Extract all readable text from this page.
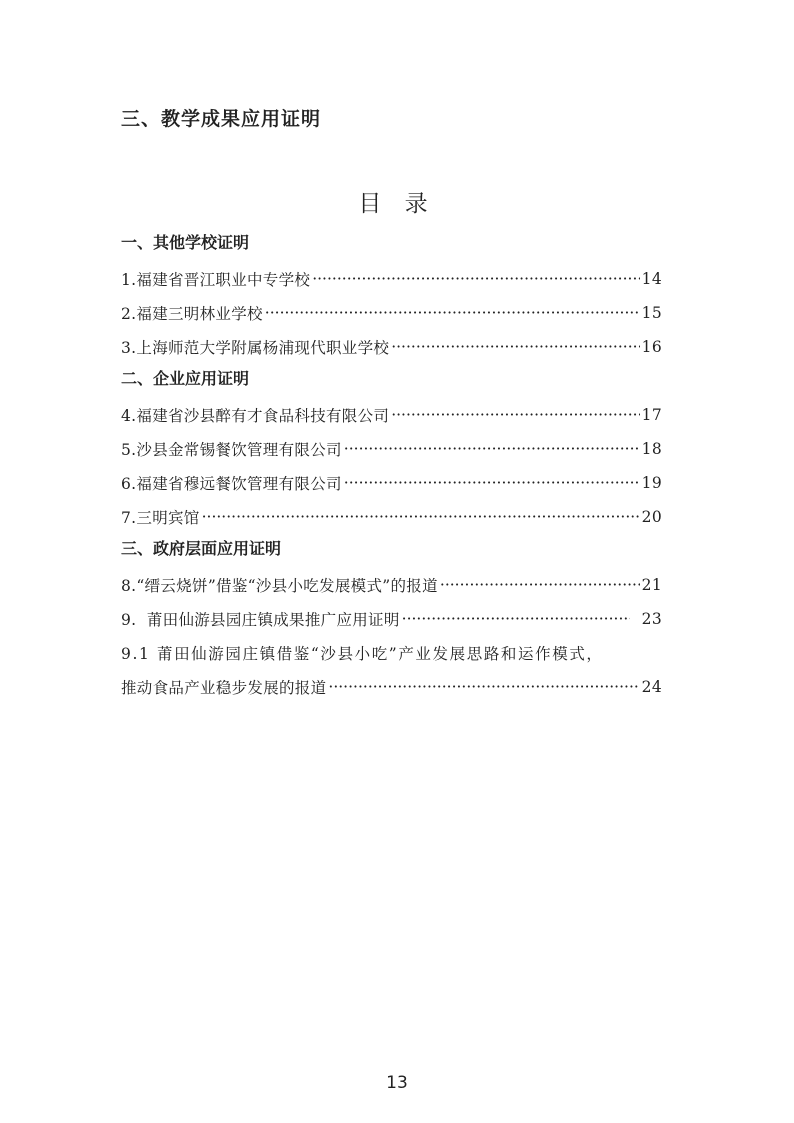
三、教学成果应用证明
目 录
一、其他学校证明
1.福建省晋江职业中专学校 ·····	14
2.福建三明林业学校 ·····	15
3.上海师范大学附属杨浦现代职业学校 ·····	16
二、企业应用证明
4.福建省沙县醉有才食品科技有限公司 ·····	17
5.沙县金常锡餐饮管理有限公司 ·····	18
6.福建省穆远餐饮管理有限公司 ·····	19
7.三明宾馆 ·····	20
三、政府层面应用证明
8.“缙云烧饼”借鉴“沙县小吃发展模式”的报道 ·····	21
9.  莆田仙游县园庄镇成果推广应用证明 ·····	23
9.1 莆田仙游园庄镇借鉴“沙县小吃”产业发展思路和运作模式，
推动食品产业稳步发展的报道 ·····	24
13
